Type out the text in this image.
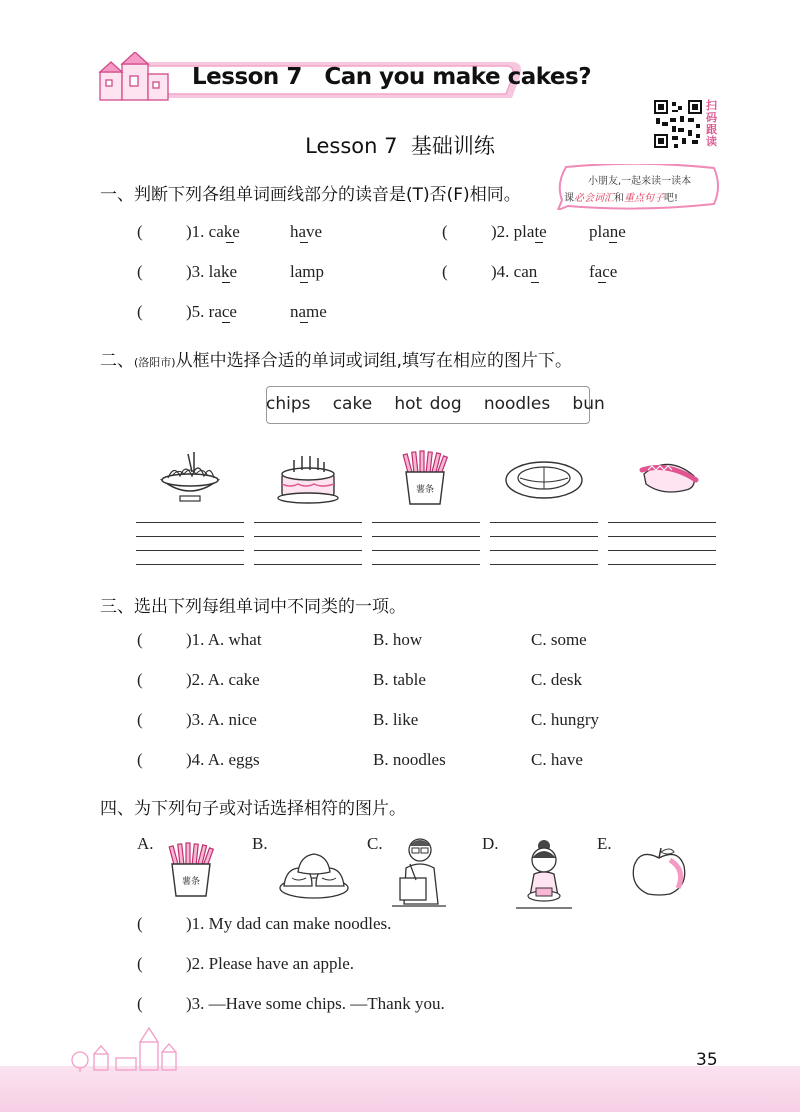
Lesson 7   Can you make cakes?
扫码跟读
Lesson 7  基础训练
小朋友,一起来读一读本
课必会词汇和重点句子吧!
一、判断下列各组单词画线部分的读音是(T)否(F)相同。
(	)1. cake	have	(	)2. plate plane
(	)3. lake	lamp	(	)4. can	face
(	)5. race	name
二、(洛阳市)从框中选择合适的单词或词组,填写在相应的图片下。
chips   cake   hot dog   noodles   bun
薯条
三、选出下列每组单词中不同类的一项。
(	)1. A. what	B. how	C. some
(	)2. A. cake	B. table	C. desk
(	)3. A. nice	B. like	C. hungry
(	)4. A. eggs	B. noodles	C. have
四、为下列句子或对话选择相符的图片。
A.	B.	C.	D.	E.
薯条
(	)1. My dad can make noodles.
(	)2. Please have an apple.
(	)3. —Have some chips. —Thank you.
35
